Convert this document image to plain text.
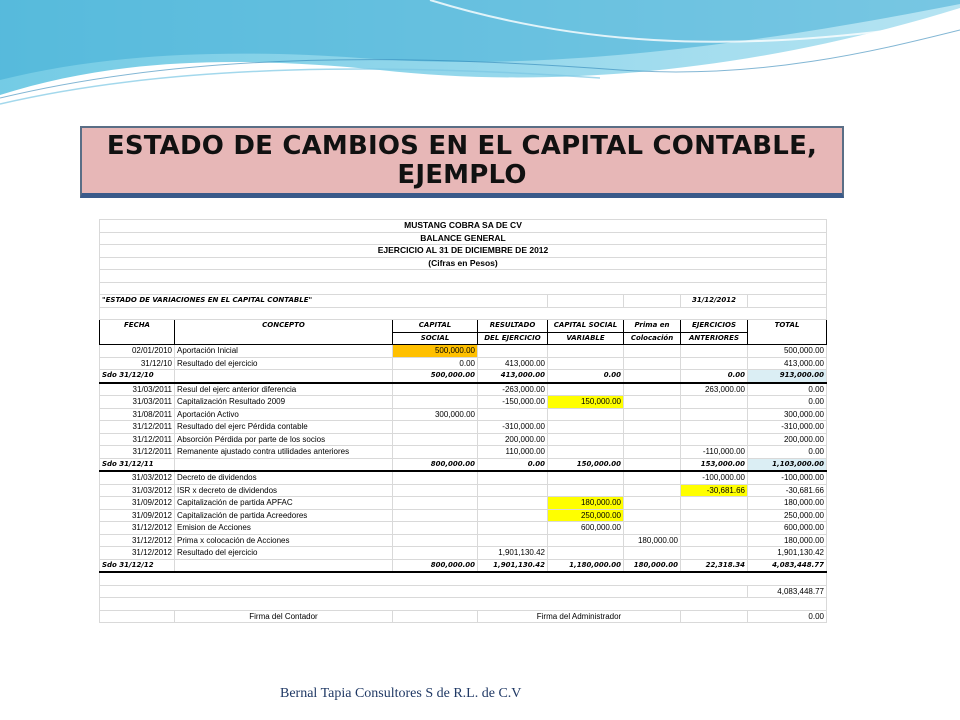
ESTADO DE CAMBIOS EN EL CAPITAL CONTABLE,
EJEMPLO
MUSTANG COBRA SA DE CV							
BALANCE GENERAL							
EJERCICIO AL 31 DE DICIEMBRE DE 2012							
(Cifras en Pesos)							

"ESTADO DE VARIACIONES EN EL CAPITAL CONTABLE"						31/12/2012	

FECHA	CONCEPTO	CAPITAL	RESULTADO	CAPITAL SOCIAL	Prima en	EJERCICIOS	TOTAL
		SOCIAL	DEL EJERCICIO	VARIABLE	Colocación	ANTERIORES	
02/01/2010	Aportación Inicial	500,000.00					500,000.00
31/12/10	Resultado del ejercicio	0.00	413,000.00				413,000.00
Sdo 31/12/10		500,000.00	413,000.00	0.00		0.00	913,000.00
31/03/2011	Resul del ejerc anterior diferencia		-263,000.00			263,000.00	0.00
31/03/2011	Capitalización Resultado 2009		-150,000.00	150,000.00			0.00
31/08/2011	Aportación Activo	300,000.00					300,000.00
31/12/2011	Resultado del ejerc Pérdida contable		-310,000.00				-310,000.00
31/12/2011	Absorción Pérdida por parte de los socios		200,000.00				200,000.00
31/12/2011	Remanente ajustado contra utilidades anteriores		110,000.00			-110,000.00	0.00
Sdo 31/12/11		800,000.00	0.00	150,000.00		153,000.00	1,103,000.00
31/03/2012	Decreto de dividendos					-100,000.00	-100,000.00
31/03/2012	ISR x decreto de dividendos					-30,681.66	-30,681.66
31/09/2012	Capitalización de partida APFAC			180,000.00			180,000.00
31/09/2012	Capitalización de partida Acreedores			250,000.00			250,000.00
31/12/2012	Emision de Acciones			600,000.00			600,000.00
31/12/2012	Prima x colocación de Acciones				180,000.00		180,000.00
31/12/2012	Resultado del ejercicio		1,901,130.42				1,901,130.42
Sdo 31/12/12		800,000.00	1,901,130.42	1,180,000.00	180,000.00	22,318.34	4,083,448.77

							4,083,448.77

	Firma del Contador		Firma del Administrador				0.00
Bernal Tapia Consultores S de R.L. de C.V
